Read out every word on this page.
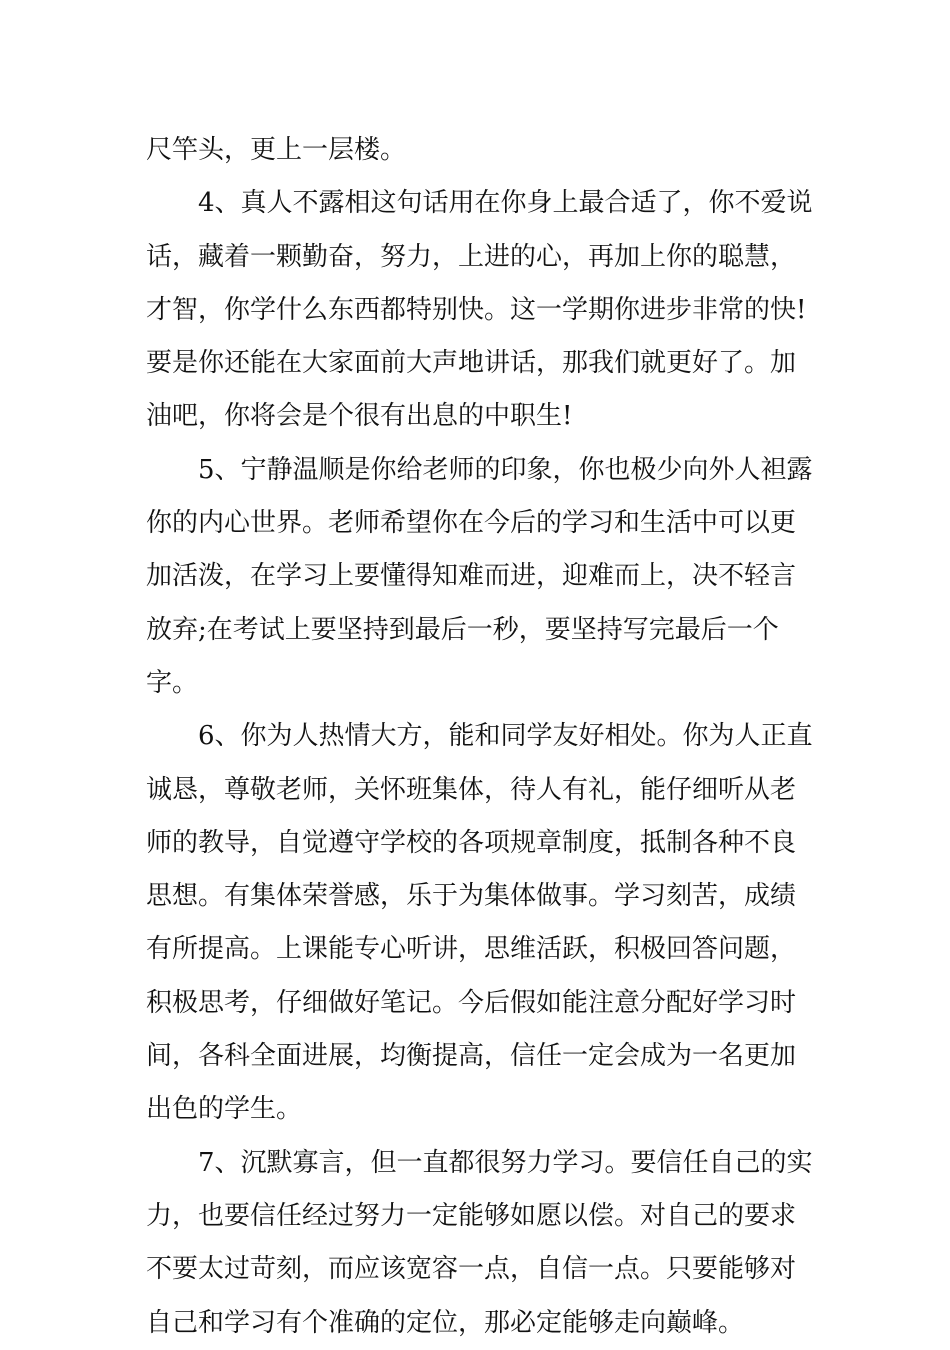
尺竿头，更上一层楼。
4、真人不露相这句话用在你身上最合适了，你不爱说
话，藏着一颗勤奋，努力，上进的心，再加上你的聪慧，
才智，你学什么东西都特别快。这一学期你进步非常的快!
要是你还能在大家面前大声地讲话，那我们就更好了。加
油吧，你将会是个很有出息的中职生!
5、宁静温顺是你给老师的印象，你也极少向外人袒露
你的内心世界。老师希望你在今后的学习和生活中可以更
加活泼，在学习上要懂得知难而进，迎难而上，决不轻言
放弃;在考试上要坚持到最后一秒，要坚持写完最后一个字。
6、你为人热情大方，能和同学友好相处。你为人正直
诚恳，尊敬老师，关怀班集体，待人有礼，能仔细听从老
师的教导，自觉遵守学校的各项规章制度，抵制各种不良
思想。有集体荣誉感，乐于为集体做事。学习刻苦，成绩
有所提高。上课能专心听讲，思维活跃，积极回答问题，
积极思考，仔细做好笔记。今后假如能注意分配好学习时
间，各科全面进展，均衡提高，信任一定会成为一名更加
出色的学生。
7、沉默寡言，但一直都很努力学习。要信任自己的实
力，也要信任经过努力一定能够如愿以偿。对自己的要求
不要太过苛刻，而应该宽容一点，自信一点。只要能够对
自己和学习有个准确的定位，那必定能够走向巅峰。
